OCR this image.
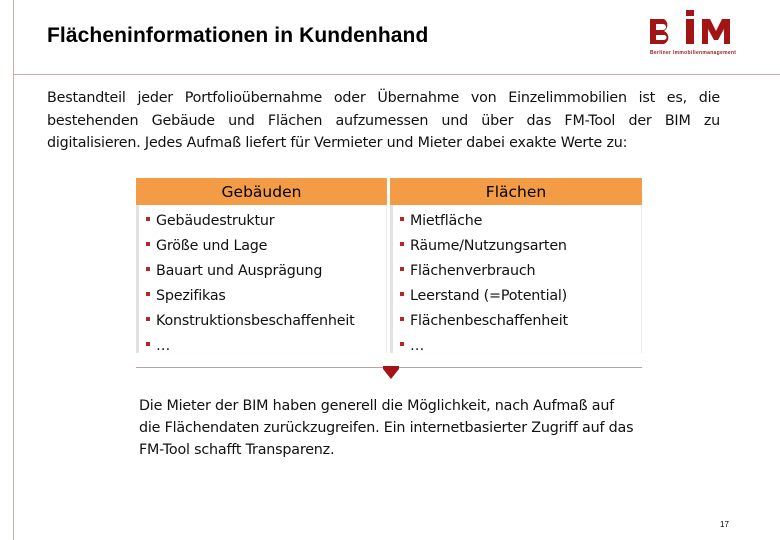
Flächeninformationen in Kundenhand
Berliner Immobilienmanagement
Bestandteil jeder Portfolioübernahme oder Übernahme von Einzelimmobilien ist es, die bestehenden Gebäude und Flächen aufzumessen und über das FM-Tool der BIM zu digitalisieren. Jedes Aufmaß liefert für Vermieter und Mieter dabei exakte Werte zu:
Gebäuden
Gebäudestruktur
Größe und Lage
Bauart und Ausprägung
Spezifikas
Konstruktionsbeschaffenheit
…
Flächen
Mietfläche
Räume/Nutzungsarten
Flächenverbrauch
Leerstand (=Potential)
Flächenbeschaffenheit
…
Die Mieter der BIM haben generell die Möglichkeit, nach Aufmaß auf die Flächendaten zurückzugreifen. Ein internetbasierter Zugriff auf das FM-Tool schafft Transparenz.
17
